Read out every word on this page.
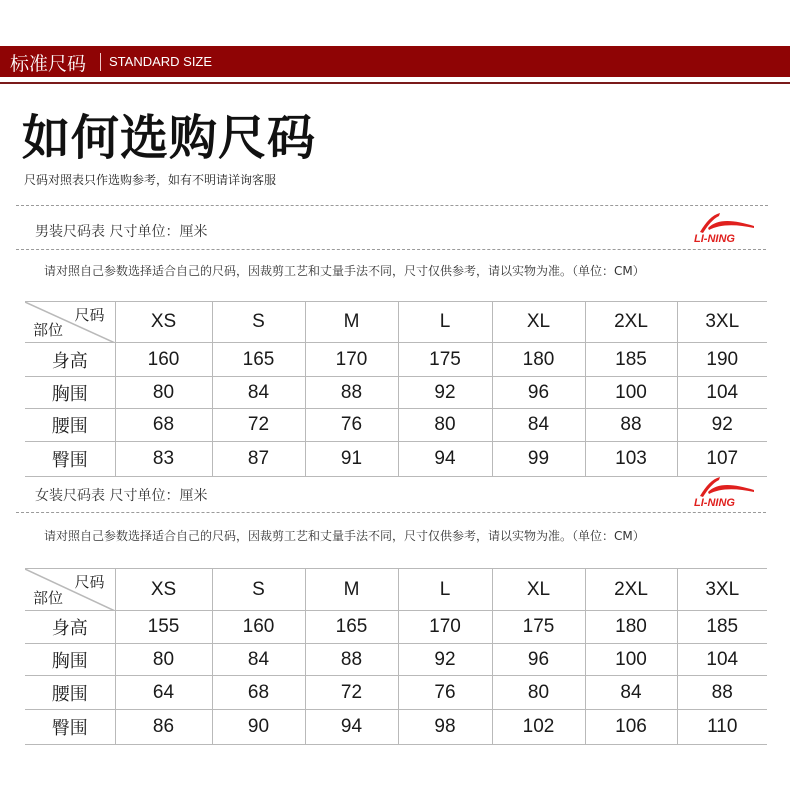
标准尺码 STANDARD SIZE
如何选购尺码
尺码对照表只作选购参考，如有不明请详询客服
男装尺码表 尺寸单位：厘米	LI-NING
请对照自己参数选择适合自己的尺码，因裁剪工艺和丈量手法不同，尺寸仅供参考，请以实物为准。（单位：CM）
尺码
部位	XS	S	M	L	XL	2XL	3XL
身高	160	165	170	175	180	185	190
胸围	80	84	88	92	96	100	104
腰围	68	72	76	80	84	88	92
臀围	83	87	91	94	99	103	107
女装尺码表 尺寸单位：厘米	LI-NING
请对照自己参数选择适合自己的尺码，因裁剪工艺和丈量手法不同，尺寸仅供参考，请以实物为准。（单位：CM）
尺码
部位	XS	S	M	L	XL	2XL	3XL
身高	155	160	165	170	175	180	185
胸围	80	84	88	92	96	100	104
腰围	64	68	72	76	80	84	88
臀围	86	90	94	98	102	106	110
